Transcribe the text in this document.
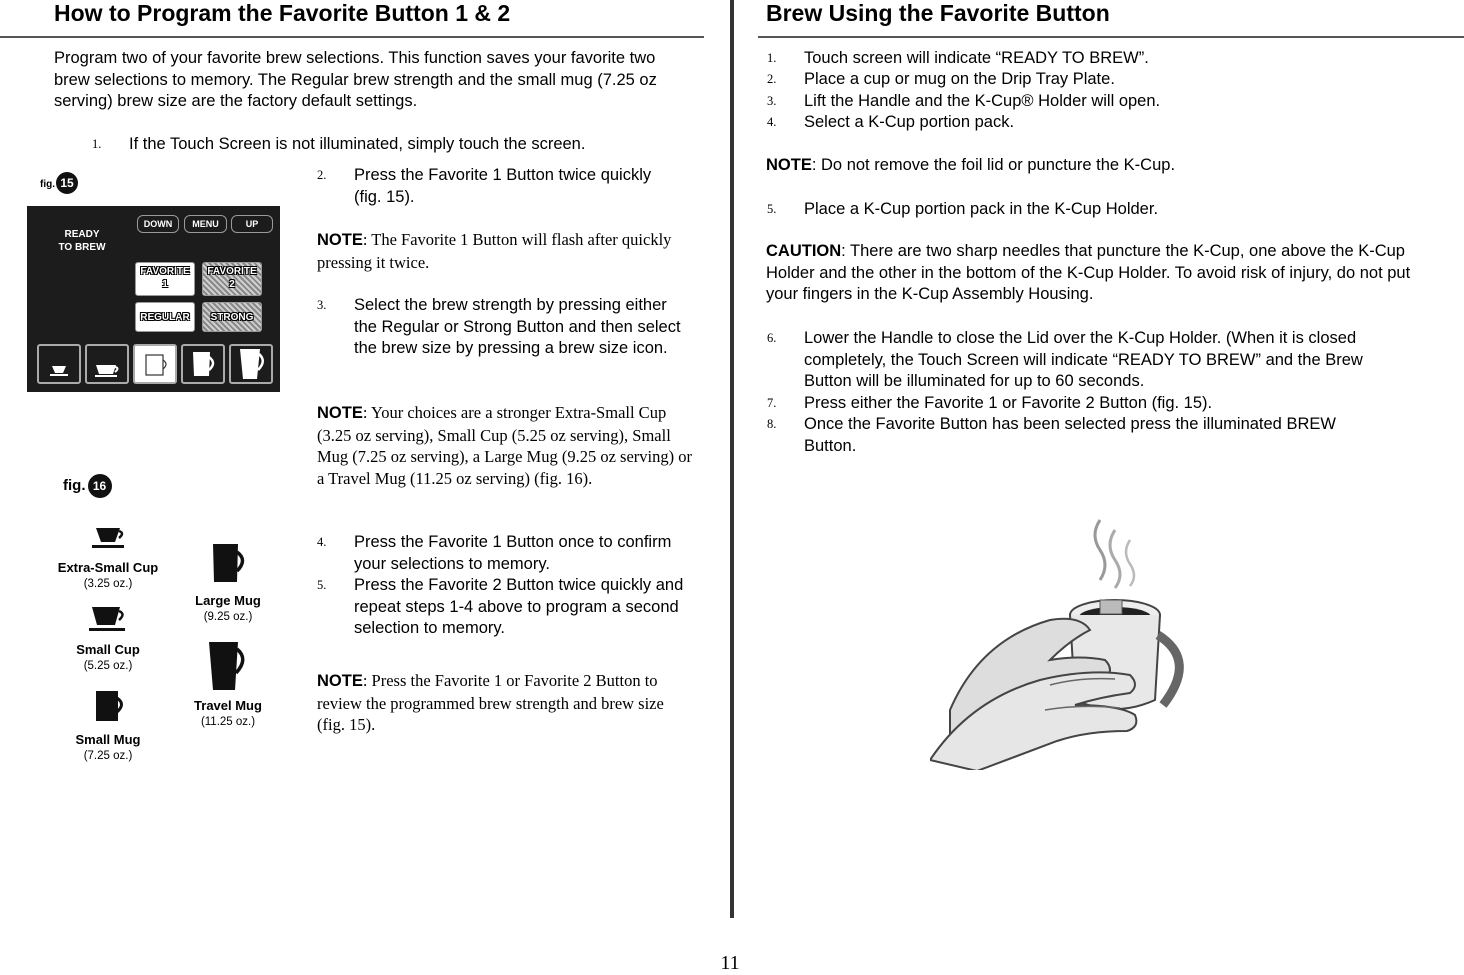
How to Program the Favorite Button 1 & 2
Program two of your favorite brew selections. This function saves your favorite two brew selections to memory. The Regular brew strength and the small mug (7.25 oz serving) brew size are the factory default settings.
1. If the Touch Screen is not illuminated, simply touch the screen.
fig. 15
READY
TO BREW
DOWN	MENU	UP
FAVORITE
1
FAVORITE
2
REGULAR	STRONG
2. Press the Favorite 1 Button twice quickly (fig. 15).
NOTE: The Favorite 1 Button will flash after quickly pressing it twice.
3. Select the brew strength by pressing either the Regular or Strong Button and then select the brew size by pressing a brew size icon.
NOTE: Your choices are a stronger Extra-Small Cup (3.25 oz serving), Small Cup (5.25 oz serving), Small Mug (7.25 oz serving), a Large Mug (9.25 oz serving) or a Travel Mug (11.25 oz serving) (fig. 16).
4. Press the Favorite 1 Button once to confirm your selections to memory.
5. Press the Favorite 2 Button twice quickly and repeat steps 1-4 above to program a second selection to memory.
NOTE: Press the Favorite 1 or Favorite 2 Button to review the programmed brew strength and brew size (fig. 15).
fig. 16
Extra-Small Cup
(3.25 oz.)
Small Cup
(5.25 oz.)
Small Mug
(7.25 oz.)
Large Mug
(9.25 oz.)
Travel Mug
(11.25 oz.)
Brew Using the Favorite Button
1. Touch screen will indicate “READY TO BREW”.
2. Place a cup or mug on the Drip Tray Plate.
3. Lift the Handle and the K-Cup® Holder will open.
4. Select a K-Cup portion pack.
NOTE: Do not remove the foil lid or puncture the K-Cup.
5. Place a K-Cup portion pack in the K-Cup Holder.
CAUTION: There are two sharp needles that puncture the K-Cup, one above the K-Cup Holder and the other in the bottom of the K-Cup Holder. To avoid risk of injury, do not put your fingers in the K-Cup Assembly Housing.
6. Lower the Handle to close the Lid over the K-Cup Holder. (When it is closed completely, the Touch Screen will indicate “READY TO BREW” and the Brew Button will be illuminated for up to 60 seconds.
7. Press either the Favorite 1 or Favorite 2 Button (fig. 15).
8. Once the Favorite Button has been selected press the illuminated BREW Button.
11
